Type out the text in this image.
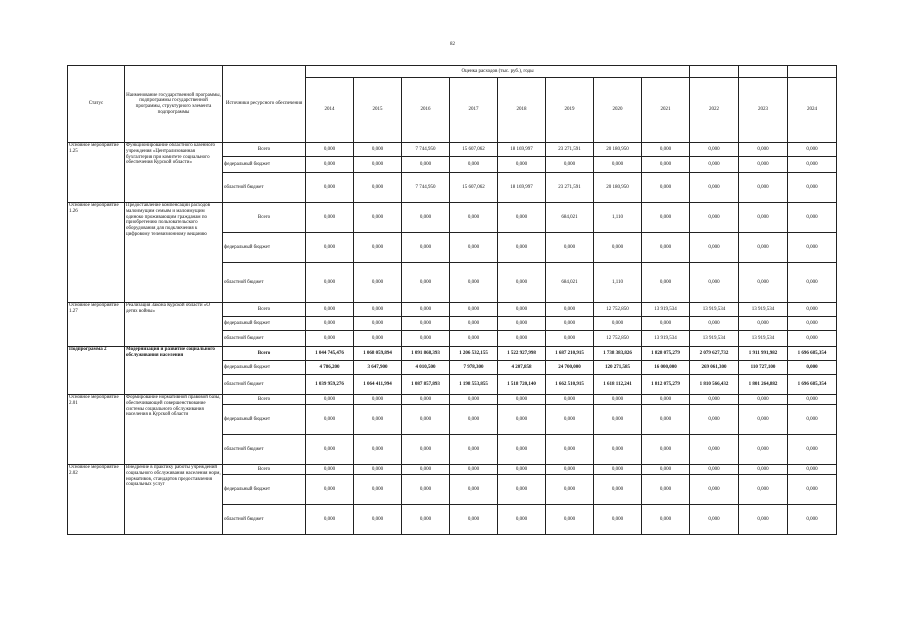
82
Статус	Наименование государственной программы, подпрограммы государственной программы, структурного элемента подпрограммы	Источники ресурсного обеспечения	Оценка расходов (тыс. руб.), годы										
			2014	2015	2016	2017	2018	2019	2020	2021	2022	2023	2024
Основное мероприятие 1.25	Функционирование областного казенного учреждения «Централизованная бухгалтерия при комитете социального обеспечения Курской области»	Всего	0,000	0,000	7 744,950	15 607,062	18 169,997	23 271,591	20 180,950	0,000	0,000	0,000	0,000
		федеральный бюджет	0,000	0,000	0,000	0,000	0,000	0,000	0,000	0,000	0,000	0,000	0,000
		областной бюджет	0,000	0,000	7 744,950	15 607,062	18 169,997	23 271,591	20 180,950	0,000	0,000	0,000	0,000
Основное мероприятие 1.26	Предоставление компенсации расходов малоимущим семьям и малоимущим одиноко проживающим гражданам по приобретению пользовательского оборудования для подключения к цифровому телевизионному вещанию	Всего	0,000	0,000	0,000	0,000	0,000	684,021	1,110	0,000	0,000	0,000	0,000
		федеральный бюджет	0,000	0,000	0,000	0,000	0,000	0,000	0,000	0,000	0,000	0,000	0,000
		областной бюджет	0,000	0,000	0,000	0,000	0,000	684,021	1,110	0,000	0,000	0,000	0,000
Основное мероприятие 1.27	Реализация Закона Курской области «О детях войны»	Всего	0,000	0,000	0,000	0,000	0,000	0,000	12 752,850	13 919,534	13 919,534	13 919,534	0,000
		федеральный бюджет	0,000	0,000	0,000	0,000	0,000	0,000	0,000	0,000	0,000	0,000	0,000
		областной бюджет	0,000	0,000	0,000	0,000	0,000	0,000	12 752,850	13 919,534	13 919,534	13 919,534	0,000
Подпрограмма 2	Модернизация и развитие социального обслуживания населения	Всего	1 044 745,476	1 068 059,894	1 091 868,393	1 206 532,155	1 522 927,998	1 687 210,915	1 738 383,826	1 828 075,279	2 079 627,732	1 911 991,982	1 696 685,354
		федеральный бюджет	4 786,200	3 647,900	4 010,500	7 978,300	4 207,858	24 700,000	120 271,585	16 000,000	269 061,300	110 727,100	0,000
		областной бюджет	1 039 959,276	1 064 411,994	1 087 857,893	1 198 553,855	1 518 720,140	1 662 510,915	1 618 112,241	1 812 075,279	1 810 566,432	1 801 264,882	1 696 685,354
Основное мероприятие 2.01	Формирование нормативной правовой базы, обеспечивающей совершенствование системы социального обслуживания населения в Курской области	Всего	0,000	0,000	0,000	0,000	0,000	0,000	0,000	0,000	0,000	0,000	0,000
		федеральный бюджет	0,000	0,000	0,000	0,000	0,000	0,000	0,000	0,000	0,000	0,000	0,000
		областной бюджет	0,000	0,000	0,000	0,000	0,000	0,000	0,000	0,000	0,000	0,000	0,000
Основное мероприятие 2.02	Внедрение в практику работы учреждений социального обслуживания населения норм, нормативов, стандартов предоставления социальных услуг	Всего	0,000	0,000	0,000	0,000	0,000	0,000	0,000	0,000	0,000	0,000	0,000
		федеральный бюджет	0,000	0,000	0,000	0,000	0,000	0,000	0,000	0,000	0,000	0,000	0,000
		областной бюджет	0,000	0,000	0,000	0,000	0,000	0,000	0,000	0,000	0,000	0,000	0,000
